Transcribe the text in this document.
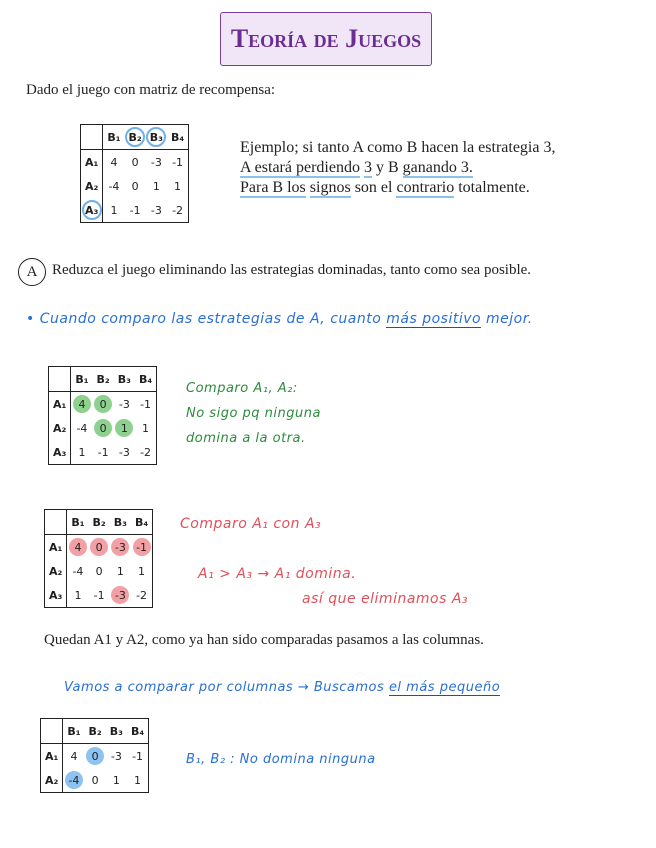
Teoría de Juegos
Dado el juego con matriz de recompensa:
	B₁	B₂	B₃	B₄
A₁	4	0	-3	-1
A₂	-4	0	1	1

A₃	1	-1	-3	-2
Ejemplo; si tanto A como B hacen la estrategia 3,
A estará perdiendo 3 y B ganando 3.
Para B los signos son el contrario totalmente.
A Reduzca el juego eliminando las estrategias dominadas, tanto como sea posible.
• Cuando comparo las estrategias de A, cuanto más positivo mejor.
	B₁	B₂	B₃	B₄
A₁	4	0	-3	-1
A₂	-4	0	1	1
A₃	1	-1	-3	-2
Comparo A₁, A₂:
No sigo pq ninguna
domina a la otra.
	B₁	B₂	B₃	B₄
A₁	4	0	-3	-1
A₂	-4	0	1	1
A₃	1	-1	-3	-2
Comparo A₁ con A₃
A₁ > A₃ → A₁ domina.
así que eliminamos A₃
Quedan A1 y A2, como ya han sido comparadas pasamos a las columnas.
Vamos a comparar por columnas → Buscamos el más pequeño
	B₁	B₂	B₃	B₄
A₁	4	0	-3	-1
A₂	-4	0	1	1
B₁, B₂ : No domina ninguna
